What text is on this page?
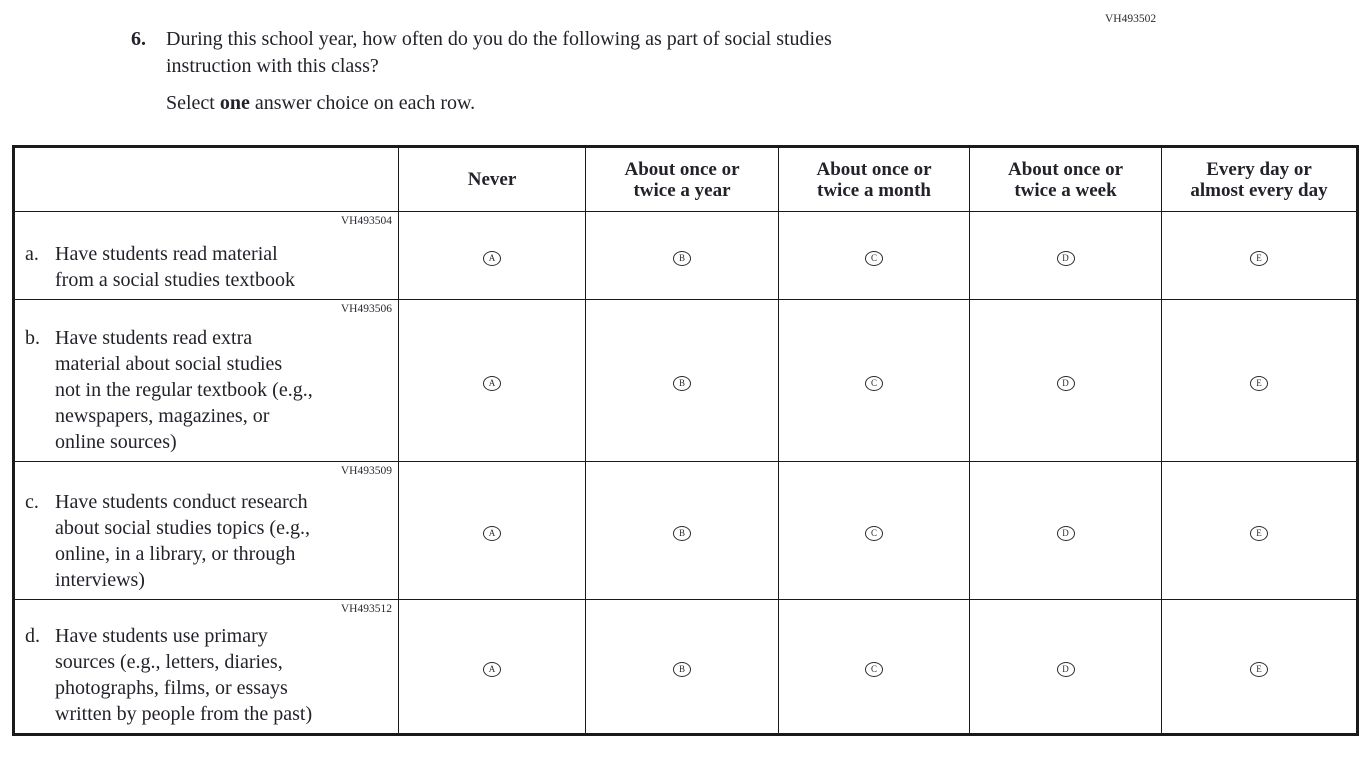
VH493502
6.	During this school year, how often do you do the following as part of social studies
instruction with this class?
Select one answer choice on each row.

	Never	About once or
twice a year	About once or
twice a month	About once or
twice a week	Every day or
almost every day

VH493504
a. Have students read material
from a social studies textbook	A	B	C	D	E

VH493506
b. Have students read extra
material about social studies
not in the regular textbook (e.g.,
newspapers, magazines, or
online sources)
	A	B	C	D	E

VH493509
c. Have students conduct research
about social studies topics (e.g.,
online, in a library, or through
interviews)
	A	B	C	D	E

VH493512
d. Have students use primary
sources (e.g., letters, diaries,
photographs, films, or essays
written by people from the past)
	A	B	C	D	E
